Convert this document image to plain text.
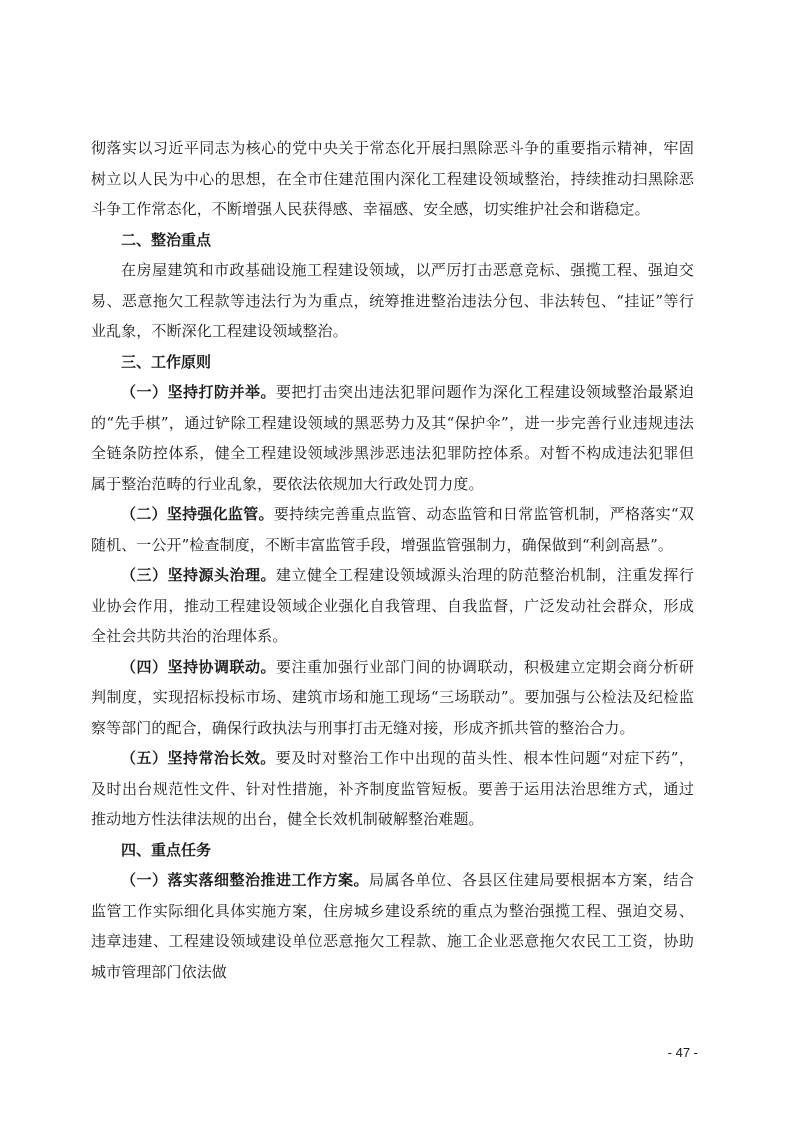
彻落实以习近平同志为核心的党中央关于常态化开展扫黑除恶斗争的重要指示精神，牢固树立以人民为中心的思想，在全市住建范围内深化工程建设领域整治，持续推动扫黑除恶斗争工作常态化，不断增强人民获得感、幸福感、安全感，切实维护社会和谐稳定。

二、整治重点

在房屋建筑和市政基础设施工程建设领域，以严厉打击恶意竞标、强揽工程、强迫交易、恶意拖欠工程款等违法行为为重点，统筹推进整治违法分包、非法转包、“挂证”等行业乱象，不断深化工程建设领域整治。

三、工作原则

（一）坚持打防并举。要把打击突出违法犯罪问题作为深化工程建设领域整治最紧迫的“先手棋”，通过铲除工程建设领域的黑恶势力及其“保护伞”，进一步完善行业违规违法全链条防控体系，健全工程建设领域涉黑涉恶违法犯罪防控体系。对暂不构成违法犯罪但属于整治范畴的行业乱象，要依法依规加大行政处罚力度。

（二）坚持强化监管。要持续完善重点监管、动态监管和日常监管机制，严格落实“双随机、一公开”检查制度，不断丰富监管手段，增强监管强制力，确保做到“利剑高悬”。

（三）坚持源头治理。建立健全工程建设领域源头治理的防范整治机制，注重发挥行业协会作用，推动工程建设领域企业强化自我管理、自我监督，广泛发动社会群众，形成全社会共防共治的治理体系。

（四）坚持协调联动。要注重加强行业部门间的协调联动，积极建立定期会商分析研判制度，实现招标投标市场、建筑市场和施工现场“三场联动”。要加强与公检法及纪检监察等部门的配合，确保行政执法与刑事打击无缝对接，形成齐抓共管的整治合力。

（五）坚持常治长效。要及时对整治工作中出现的苗头性、根本性问题“对症下药”，及时出台规范性文件、针对性措施，补齐制度监管短板。要善于运用法治思维方式，通过推动地方性法律法规的出台，健全长效机制破解整治难题。

四、重点任务

（一）落实落细整治推进工作方案。局属各单位、各县区住建局要根据本方案，结合监管工作实际细化具体实施方案，住房城乡建设系统的重点为整治强揽工程、强迫交易、违章违建、工程建设领域建设单位恶意拖欠工程款、施工企业恶意拖欠农民工工资，协助城市管理部门依法做

- 47 -
